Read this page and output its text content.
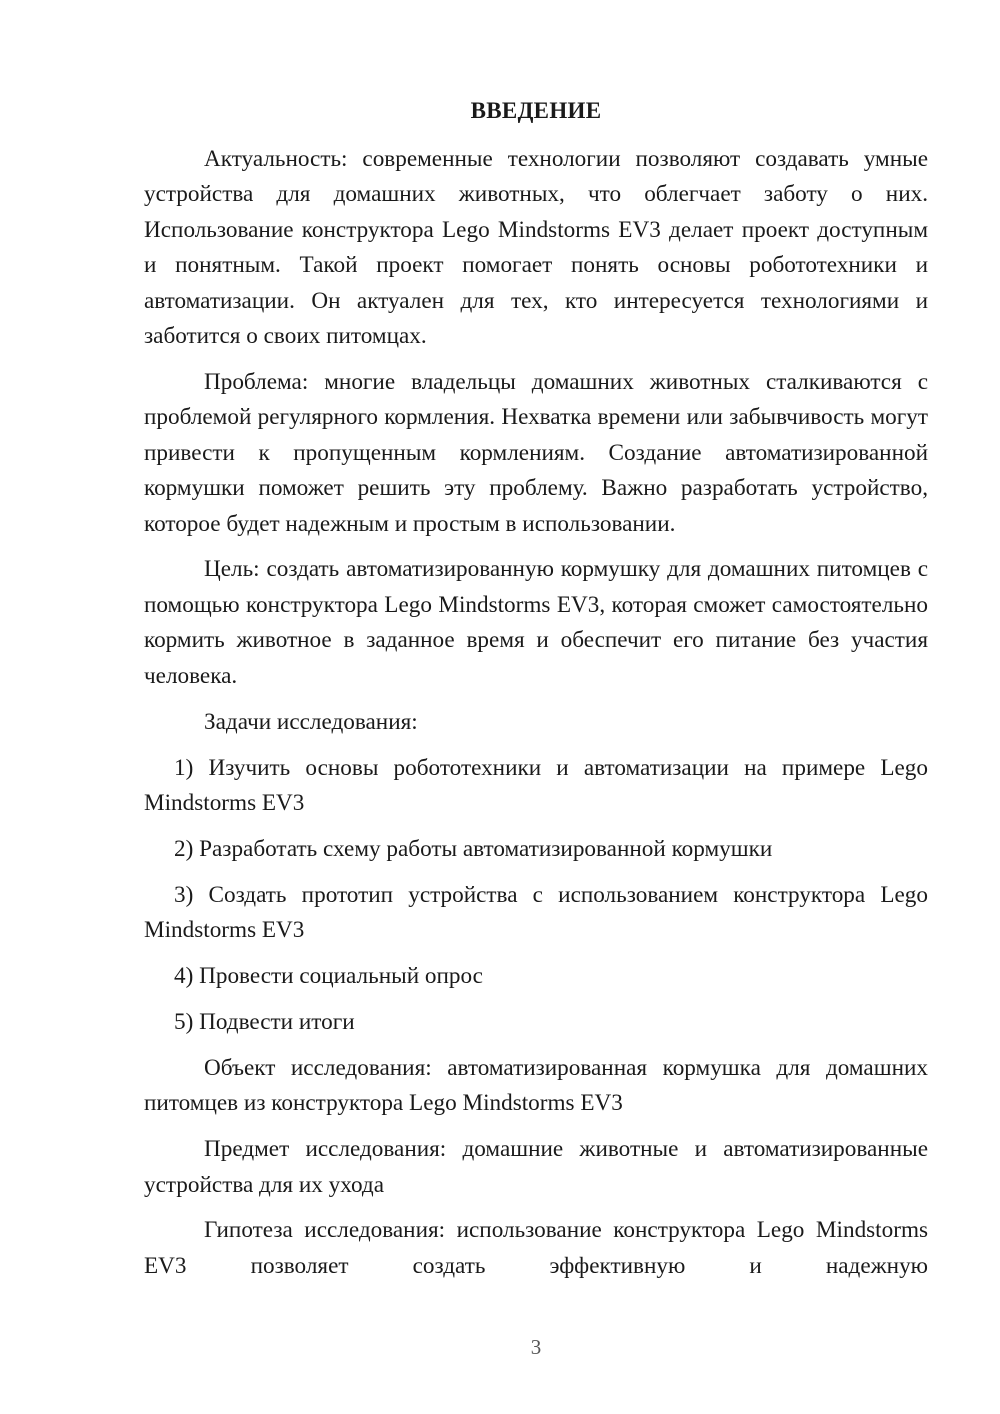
ВВЕДЕНИЕ

Актуальность: современные технологии позволяют создавать умные устройства для домашних животных, что облегчает заботу о них. Использование конструктора Lego Mindstorms EV3 делает проект доступным и понятным. Такой проект помогает понять основы робототехники и автоматизации. Он актуален для тех, кто интересуется технологиями и заботится о своих питомцах.

Проблема: многие владельцы домашних животных сталкиваются с проблемой регулярного кормления. Нехватка времени или забывчивость могут привести к пропущенным кормлениям. Создание автоматизированной кормушки поможет решить эту проблему. Важно разработать устройство, которое будет надежным и простым в использовании.

Цель: создать автоматизированную кормушку для домашних питомцев с помощью конструктора Lego Mindstorms EV3, которая сможет самостоятельно кормить животное в заданное время и обеспечит его питание без участия человека.

Задачи исследования:

1) Изучить основы робототехники и автоматизации на примере Lego Mindstorms EV3

2) Разработать схему работы автоматизированной кормушки

3) Создать прототип устройства с использованием конструктора Lego Mindstorms EV3

4) Провести социальный опрос

5) Подвести итоги

Объект исследования: автоматизированная кормушка для домашних питомцев из конструктора Lego Mindstorms EV3

Предмет исследования: домашние животные и автоматизированные устройства для их ухода

Гипотеза исследования: использование конструктора Lego Mindstorms EV3 позволяет создать эффективную и надежную

3
